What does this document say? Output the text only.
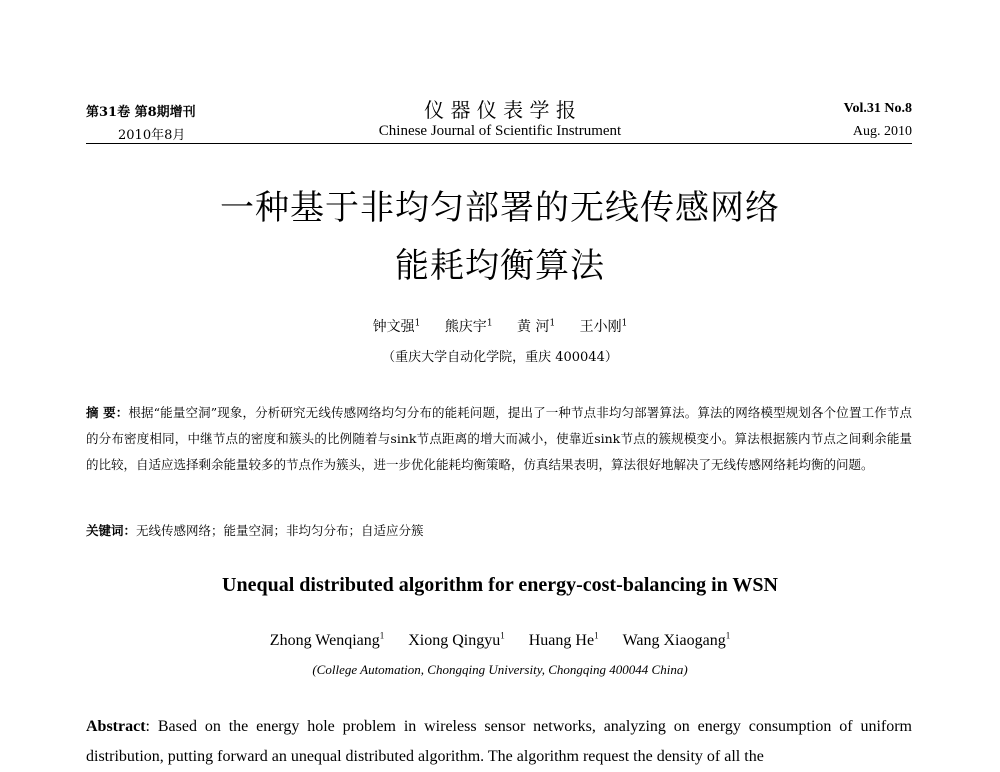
第31卷 第8期增刊
2010年8月
仪 器 仪 表 学 报
Chinese Journal of Scientific Instrument
Vol.31 No.8
Aug. 2010
一种基于非均匀部署的无线传感网络
能耗均衡算法
钟文强$^1$ 熊庆宇$^1$ 黄 河$^1$ 王小刚$^1$
（重庆大学自动化学院，重庆 400044）
摘 要：根据“能量空洞”现象，分析研究无线传感网络均匀分布的能耗问题，提出了一种节点非均匀部署算法。算法的网络模型规划各个位置工作节点的分布密度相同，中继节点的密度和簇头的比例随着与sink节点距离的增大而减小，使靠近sink节点的簇规模变小。算法根据簇内节点之间剩余能量的比较，自适应选择剩余能量较多的节点作为簇头，进一步优化能耗均衡策略，仿真结果表明，算法很好地解决了无线传感网络耗均衡的问题。
关键词：无线传感网络；能量空洞；非均匀分布；自适应分簇
Unequal distributed algorithm for energy-cost-balancing in WSN
Zhong Wenqiang$^1$ Xiong Qingyu$^1$ Huang He$^1$ Wang Xiaogang$^1$
(College Automation, Chongqing University, Chongqing 400044 China)
Abstract: Based on the energy hole problem in wireless sensor networks, analyzing on energy consumption of uniform distribution, putting forward an unequal distributed algorithm. The algorithm request the density of all the
